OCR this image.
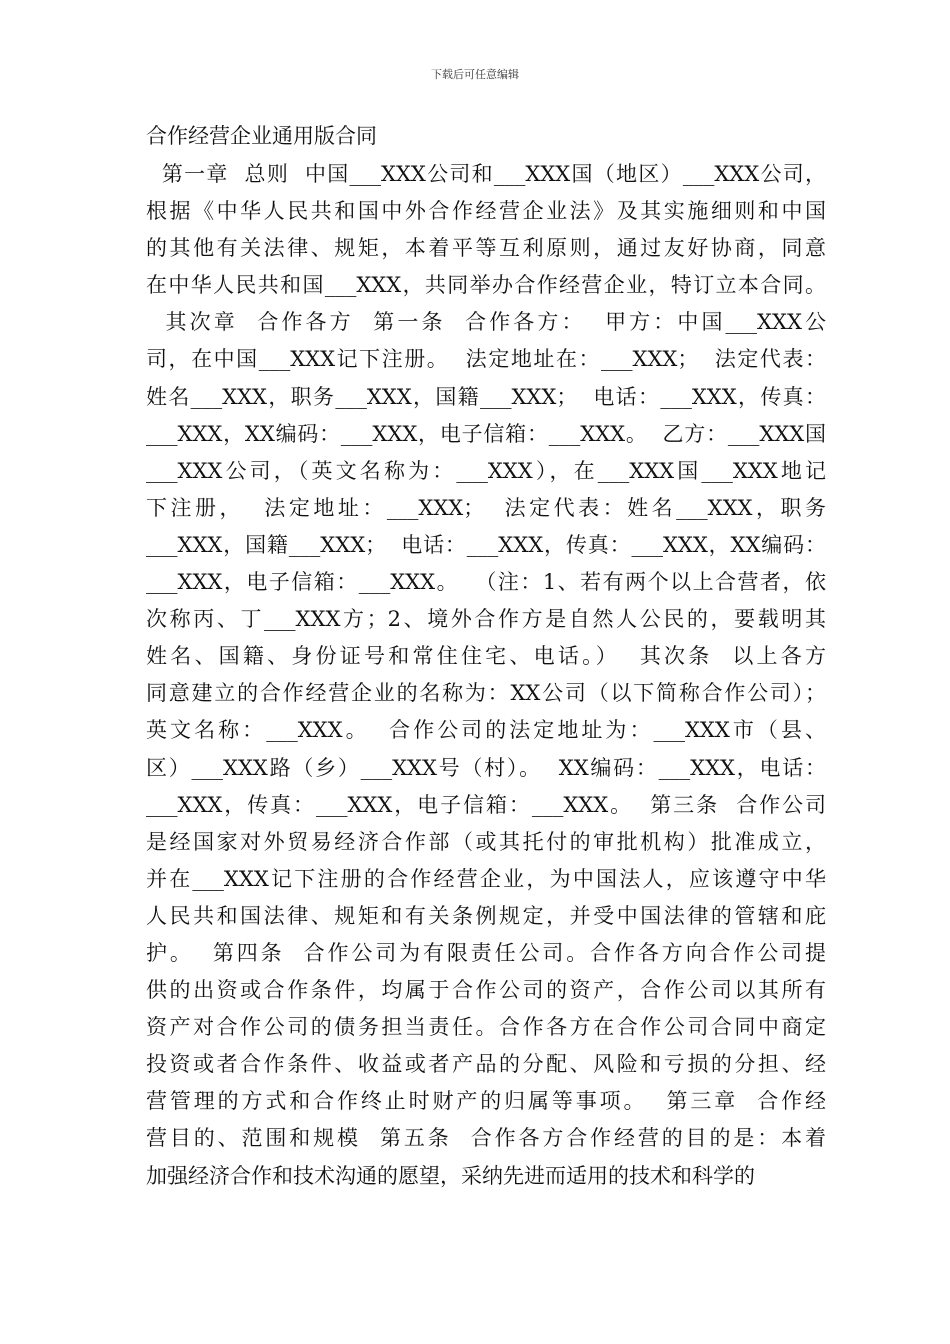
下载后可任意编辑
合作经营企业通用版合同
第一章  总则  中国___XXX公司和___XXX国（地区）___XXX公司，
根据《中华人民共和国中外合作经营企业法》及其实施细则和中国
的其他有关法律、规矩，本着平等互利原则，通过友好协商，同意
在中华人民共和国___XXX，共同举办合作经营企业，特订立本合同。
其次章  合作各方  第一条  合作各方：  甲方：中国___XXX公
司，在中国___XXX记下注册。  法定地址在：___XXX；  法定代表：
姓名___XXX，职务___XXX，国籍___XXX；  电话：___XXX，传真：
___XXX，XX编码：___XXX，电子信箱：___XXX。  乙方：___XXX国
___XXX公司，（英文名称为：___XXX），在___XXX国___XXX地记
下注册，  法定地址：___XXX；  法定代表：姓名___XXX，职务
___XXX，国籍___XXX；  电话：___XXX，传真：___XXX，XX编码：
___XXX，电子信箱：___XXX。  （注：1、若有两个以上合营者，依
次称丙、丁___XXX方；2、境外合作方是自然人公民的，要载明其
姓名、国籍、身份证号和常住住宅、电话。）  其次条  以上各方
同意建立的合作经营企业的名称为：XX公司（以下简称合作公司）；
英文名称：___XXX。  合作公司的法定地址为：___XXX市（县、
区）___XXX路（乡）___XXX号（村）。  XX编码：___XXX，电话：
___XXX，传真：___XXX，电子信箱：___XXX。  第三条  合作公司
是经国家对外贸易经济合作部（或其托付的审批机构）批准成立，
并在___XXX记下注册的合作经营企业，为中国法人，应该遵守中华
人民共和国法律、规矩和有关条例规定，并受中国法律的管辖和庇
护。  第四条  合作公司为有限责任公司。合作各方向合作公司提
供的出资或合作条件，均属于合作公司的资产，合作公司以其所有
资产对合作公司的债务担当责任。合作各方在合作公司合同中商定
投资或者合作条件、收益或者产品的分配、风险和亏损的分担、经
营管理的方式和合作终止时财产的归属等事项。  第三章  合作经
营目的、范围和规模  第五条  合作各方合作经营的目的是：本着
加强经济合作和技术沟通的愿望，采纳先进而适用的技术和科学的
